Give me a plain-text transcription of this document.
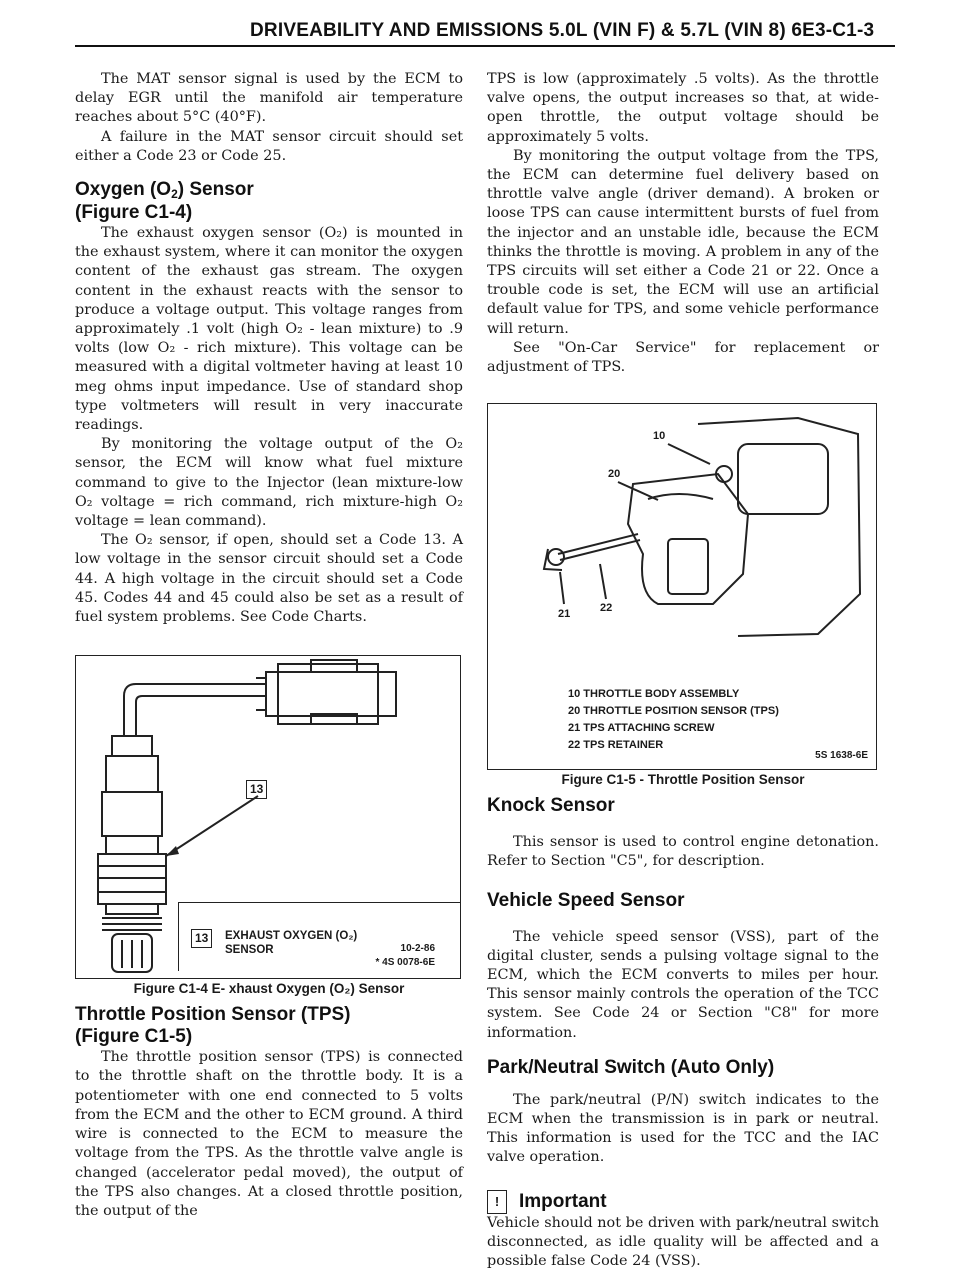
DRIVEABILITY AND EMISSIONS 5.0L (VIN F) & 5.7L (VIN 8) 6E3-C1-3

The MAT sensor signal is used by the ECM to delay EGR until the manifold air temperature reaches about 5°C (40°F).

A failure in the MAT sensor circuit should set either a Code 23 or Code 25.

Oxygen (O2) Sensor
(Figure C1-4)

The exhaust oxygen sensor (O₂) is mounted in the exhaust system, where it can monitor the oxygen content of the exhaust gas stream. The oxygen content in the exhaust reacts with the sensor to produce a voltage output. This voltage ranges from approximately .1 volt (high O₂ - lean mixture) to .9 volts (low O₂ - rich mixture). This voltage can be measured with a digital voltmeter having at least 10 meg ohms input impedance. Use of standard shop type voltmeters will result in very inaccurate readings.

By monitoring the voltage output of the O₂ sensor, the ECM will know what fuel mixture command to give to the Injector (lean mixture-low O₂ voltage = rich command, rich mixture-high O₂ voltage = lean command).

The O₂ sensor, if open, should set a Code 13. A low voltage in the sensor circuit should set a Code 44. A high voltage in the circuit should set a Code 45. Codes 44 and 45 could also be set as a result of fuel system problems. See Code Charts.

13
13	EXHAUST OXYGEN (O₂)
SENSOR	10-2-86
* 4S 0078-6E
Figure C1-4 E- xhaust Oxygen (O₂) Sensor
Throttle Position Sensor (TPS)
(Figure C1-5)

The throttle position sensor (TPS) is connected to the throttle shaft on the throttle body. It is a potentiometer with one end connected to 5 volts from the ECM and the other to ECM ground. A third wire is connected to the ECM to measure the voltage from the TPS. As the throttle valve angle is changed (accelerator pedal moved), the output of the TPS also changes. At a closed throttle position, the output of the

TPS is low (approximately .5 volts). As the throttle valve opens, the output increases so that, at wide-open throttle, the output voltage should be approximately 5 volts.

By monitoring the output voltage from the TPS, the ECM can determine fuel delivery based on throttle valve angle (driver demand). A broken or loose TPS can cause intermittent bursts of fuel from the injector and an unstable idle, because the ECM thinks the throttle is moving. A problem in any of the TPS circuits will set either a Code 21 or 22. Once a trouble code is set, the ECM will use an artificial default value for TPS, and some vehicle performance will return.

See "On-Car Service" for replacement or adjustment of TPS.

10
20
21	22
10 THROTTLE BODY ASSEMBLY
20 THROTTLE POSITION SENSOR (TPS)
21 TPS ATTACHING SCREW
22 TPS RETAINER
5S 1638-6E
Figure C1-5 - Throttle Position Sensor
Knock Sensor

This sensor is used to control engine detonation. Refer to Section "C5", for description.

Vehicle Speed Sensor

The vehicle speed sensor (VSS), part of the digital cluster, sends a pulsing voltage signal to the ECM, which the ECM converts to miles per hour. This sensor mainly controls the operation of the TCC system. See Code 24 or Section "C8" for more information.

Park/Neutral Switch (Auto Only)

The park/neutral (P/N) switch indicates to the ECM when the transmission is in park or neutral. This information is used for the TCC and the IAC valve operation.

!	Important

Vehicle should not be driven with park/neutral switch disconnected, as idle quality will be affected and a possible false Code 24 (VSS).
